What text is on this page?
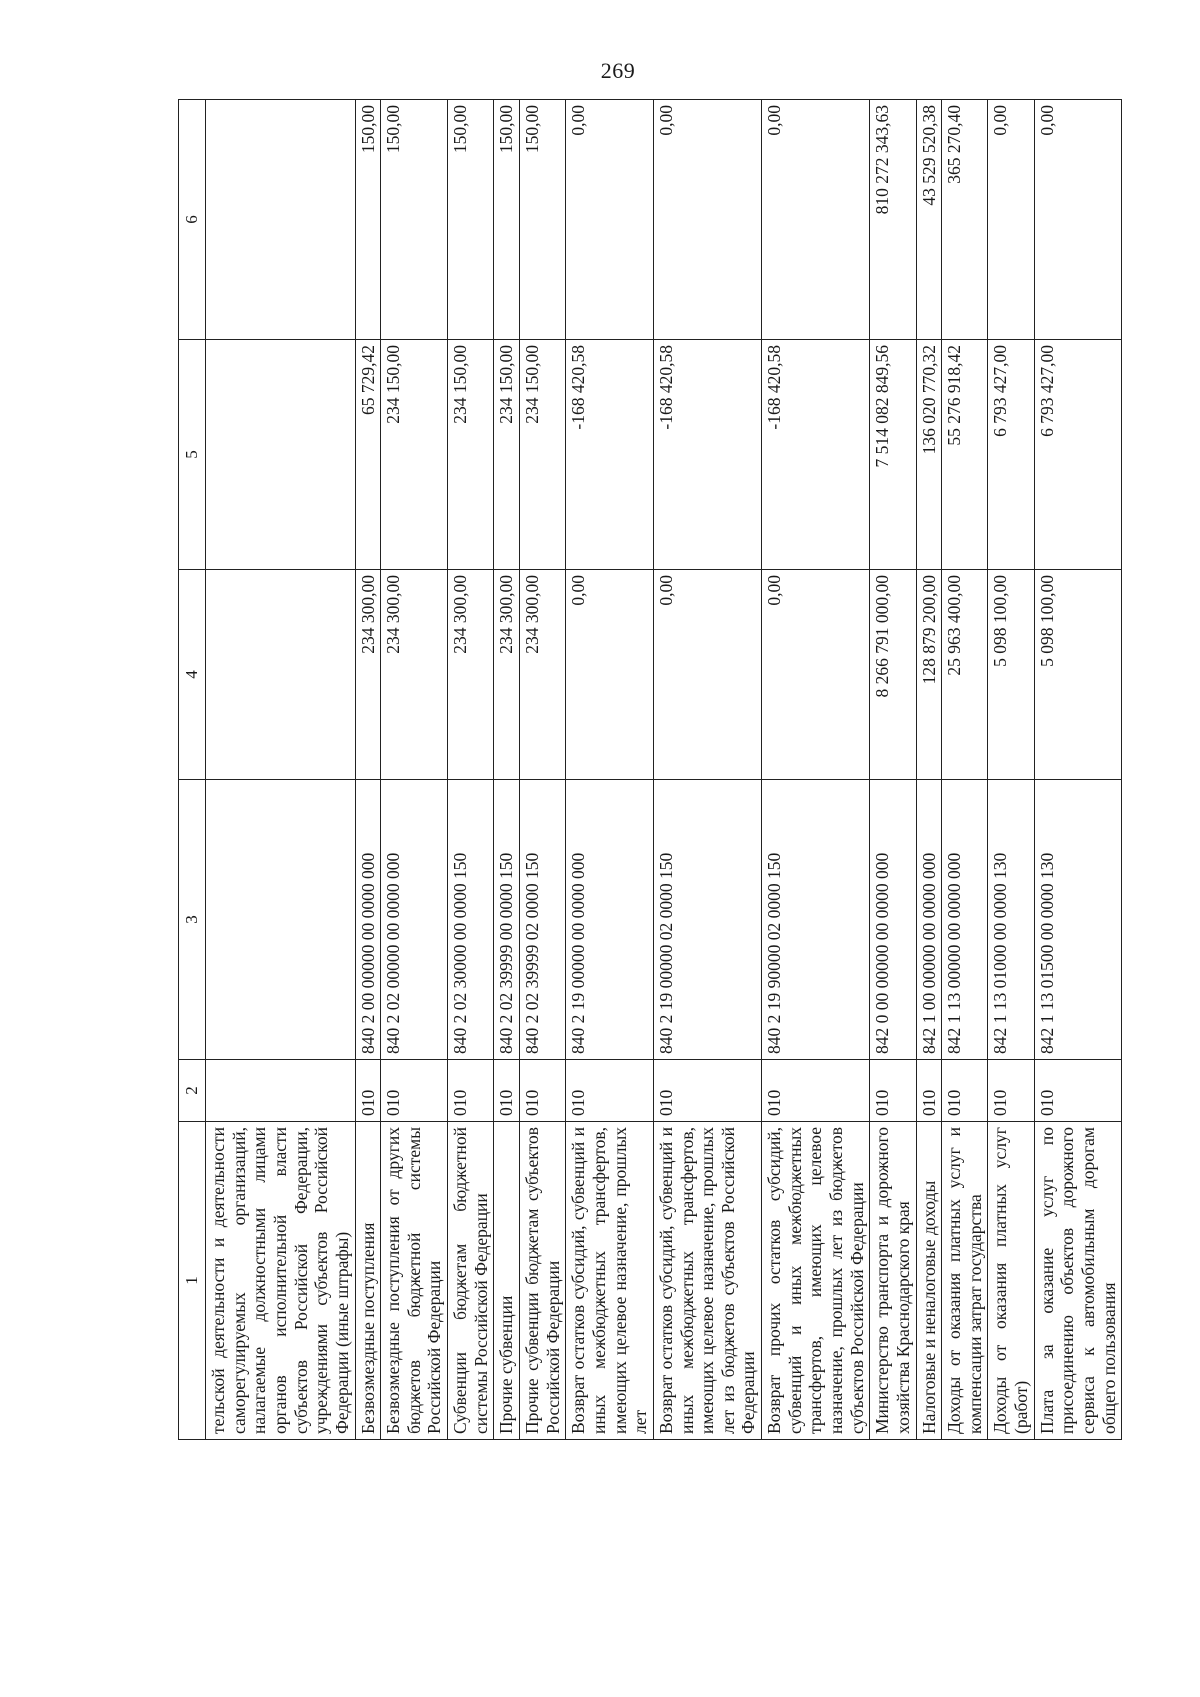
269
1	2	3	4	5	6
тельской деятельности и деятельности саморегулируемых организаций, налагаемые должностными лицами органов исполнительной власти субъектов Российской Федерации, учреждениями субъектов Российской Федерации (иные штрафы)					
Безвозмездные поступления	010	840 2 00 00000 00 0000 000	234 300,00	65 729,42	150,00
Безвозмездные поступления от других бюджетов бюджетной системы Российской Федерации	010	840 2 02 00000 00 0000 000	234 300,00	234 150,00	150,00
Субвенции бюджетам бюджетной системы Российской Федерации	010	840 2 02 30000 00 0000 150	234 300,00	234 150,00	150,00
Прочие субвенции	010	840 2 02 39999 00 0000 150	234 300,00	234 150,00	150,00
Прочие субвенции бюджетам субъектов Российской Федерации	010	840 2 02 39999 02 0000 150	234 300,00	234 150,00	150,00
Возврат остатков субсидий, субвенций и иных межбюджетных трансфертов, имеющих целевое назначение, прошлых лет	010	840 2 19 00000 00 0000 000	0,00	-168 420,58	0,00
Возврат остатков субсидий, субвенций и иных межбюджетных трансфертов, имеющих целевое назначение, прошлых лет из бюджетов субъектов Российской Федерации	010	840 2 19 00000 02 0000 150	0,00	-168 420,58	0,00
Возврат прочих остатков субсидий, субвенций и иных межбюджетных трансфертов, имеющих целевое назначение, прошлых лет из бюджетов субъектов Российской Федерации	010	840 2 19 90000 02 0000 150	0,00	-168 420,58	0,00
Министерство транспорта и дорожного хозяйства Краснодарского края	010	842 0 00 00000 00 0000 000	8 266 791 000,00	7 514 082 849,56	810 272 343,63
Налоговые и неналоговые доходы	010	842 1 00 00000 00 0000 000	128 879 200,00	136 020 770,32	43 529 520,38
Доходы от оказания платных услуг и компенсации затрат государства	010	842 1 13 00000 00 0000 000	25 963 400,00	55 276 918,42	365 270,40
Доходы от оказания платных услуг (работ)	010	842 1 13 01000 00 0000 130	5 098 100,00	6 793 427,00	0,00
Плата за оказание услуг по присоединению объектов дорожного сервиса к автомобильным дорогам общего пользования	010	842 1 13 01500 00 0000 130	5 098 100,00	6 793 427,00	0,00
